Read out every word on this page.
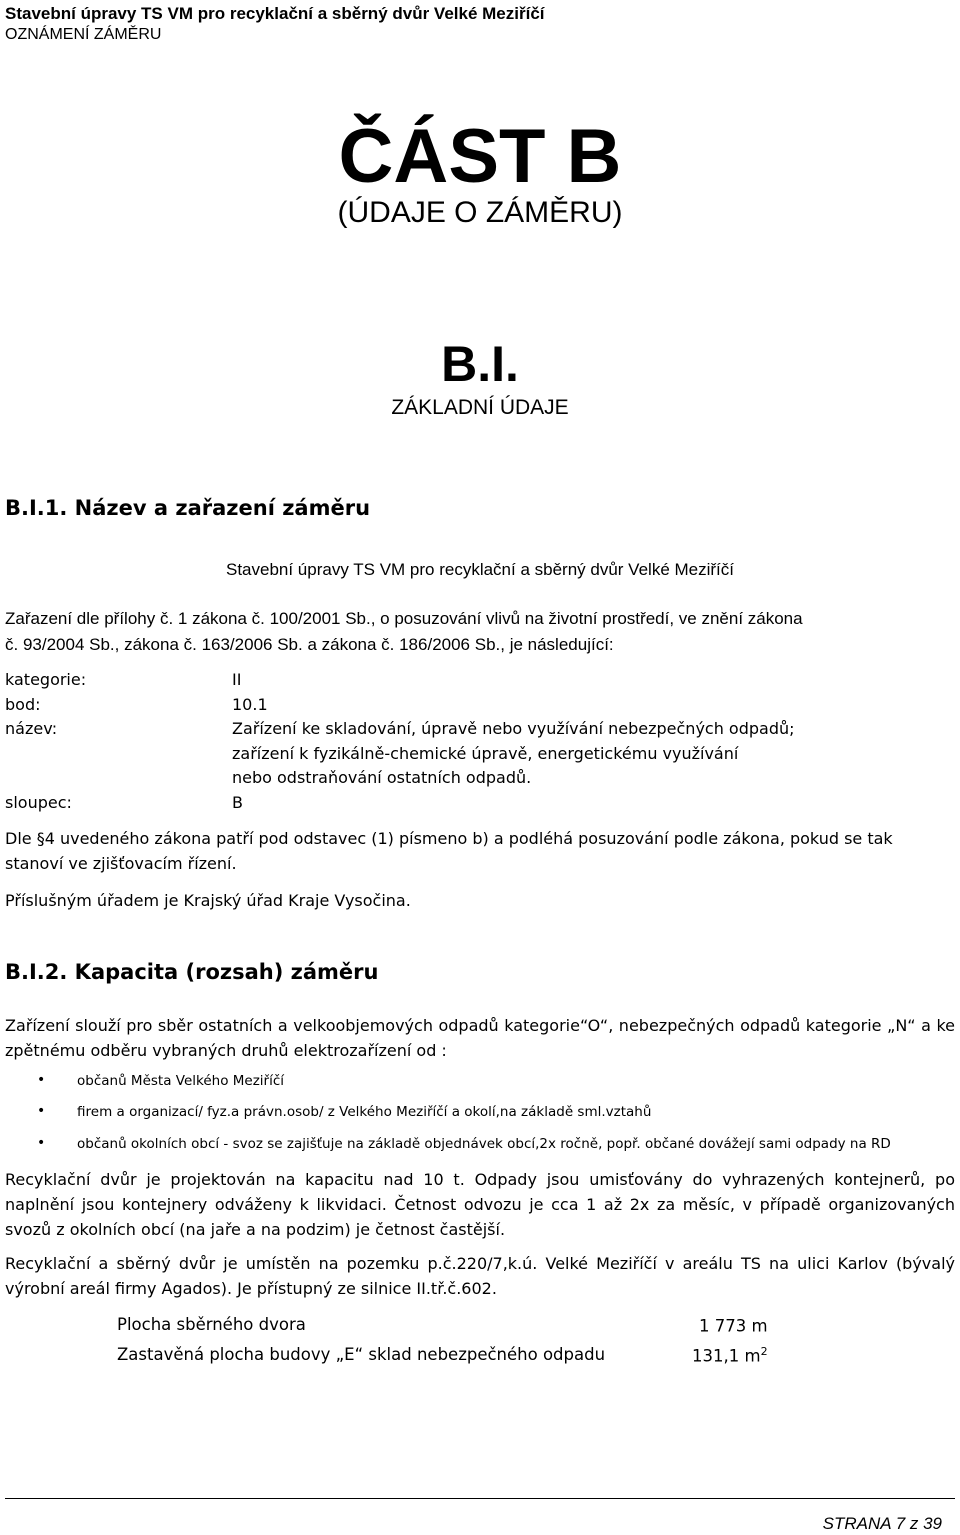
Stavební úpravy TS VM pro recyklační a sběrný dvůr Velké Meziříčí
OZNÁMENÍ ZÁMĚRU
ČÁST B
(ÚDAJE O ZÁMĚRU)
B.I.
ZÁKLADNÍ ÚDAJE
B.I.1. Název a zařazení záměru
Stavební úpravy TS VM pro recyklační a sběrný dvůr Velké Meziříčí
Zařazení dle přílohy č. 1 zákona č. 100/2001 Sb., o posuzování vlivů na životní prostředí, ve znění zákona
č. 93/2004 Sb., zákona č. 163/2006 Sb. a zákona č. 186/2006 Sb., je následující:
kategorie:	II
bod:	10.1
název:	Zařízení ke skladování, úpravě nebo využívání nebezpečných odpadů;
zařízení k fyzikálně-chemické úpravě, energetickému využívání
nebo odstraňování ostatních odpadů.
sloupec:	B
Dle §4 uvedeného zákona patří pod odstavec (1) písmeno b) a podléhá posuzování podle zákona, pokud se tak stanoví ve zjišťovacím řízení.
Příslušným úřadem je Krajský úřad Kraje Vysočina.
B.I.2. Kapacita (rozsah) záměru
Zařízení slouží pro sběr ostatních a velkoobjemových odpadů kategorie“O“, nebezpečných odpadů kategorie „N“ a ke zpětnému odběru vybraných druhů elektrozařízení od :
• občanů Města Velkého Meziříčí
• firem a organizací/ fyz.a právn.osob/ z Velkého Meziříčí a okolí,na základě sml.vztahů
• občanů okolních obcí - svoz se zajišťuje na základě objednávek obcí,2x ročně, popř. občané dovážejí sami odpady na RD
Recyklační dvůr je projektován na kapacitu nad 10 t. Odpady jsou umisťovány do vyhrazených kontejnerů, po naplnění jsou kontejnery odváženy k likvidaci. Četnost odvozu je cca 1 až 2x za měsíc, v případě organizovaných svozů z okolních obcí (na jaře a na podzim) je četnost častější.
Recyklační a sběrný dvůr je umístěn na pozemku p.č.220/7,k.ú. Velké Meziříčí v areálu TS na ulici Karlov (bývalý výrobní areál firmy Agados). Je přístupný ze silnice II.tř.č.602.
Plocha sběrného dvora	1 773 m
Zastavěná plocha budovy „E“ sklad nebezpečného odpadu	131,1 $m^2$
STRANA 7 z 39
